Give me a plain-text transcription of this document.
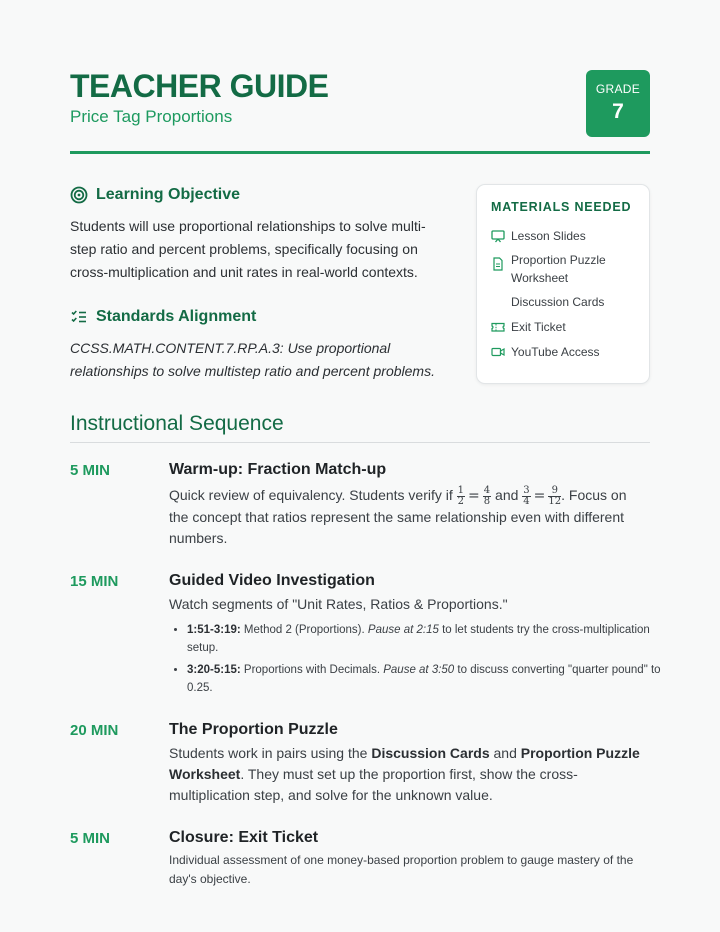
TEACHER GUIDE
Price Tag Proportions
GRADE
7
Learning Objective
Students will use proportional relationships to solve multi-step ratio and percent problems, specifically focusing on cross-multiplication and unit rates in real-world contexts.
Standards Alignment
CCSS.MATH.CONTENT.7.RP.A.3: Use proportional relationships to solve multistep ratio and percent problems.
MATERIALS NEEDED
Lesson Slides
Proportion Puzzle Worksheet
Discussion Cards
Exit Ticket
YouTube Access
Instructional Sequence
5 MIN	Warm-up: Fraction Match-up
Quick review of equivalency. Students verify if $\frac{1}{2} = \frac{4}{8}$ and $\frac{3}{4} = \frac{9}{12}$ . Focus on the concept that ratios represent the same relationship even with different numbers.
15 MIN	Guided Video Investigation
Watch segments of "Unit Rates, Ratios & Proportions."
• 1:51-3:19: Method 2 (Proportions). Pause at 2:15 to let students try the cross-multiplication setup.
• 3:20-5:15: Proportions with Decimals. Pause at 3:50 to discuss converting "quarter pound" to 0.25.
20 MIN	The Proportion Puzzle
Students work in pairs using the Discussion Cards and Proportion Puzzle Worksheet. They must set up the proportion first, show the cross-multiplication step, and solve for the unknown value.
5 MIN	Closure: Exit Ticket
Individual assessment of one money-based proportion problem to gauge mastery of the day's objective.
